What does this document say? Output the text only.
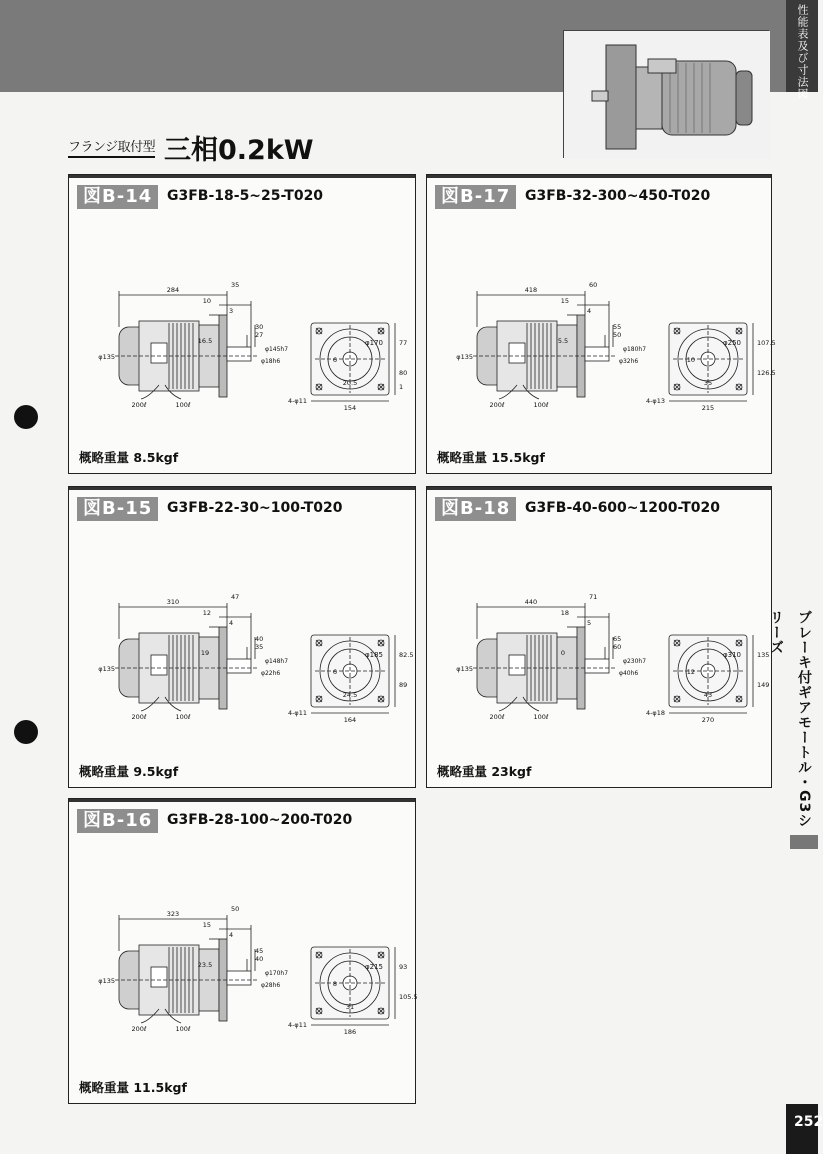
性能表及び寸法図
フランジ取付型 三相0.2kW
図B-14	G3FB-18-5~25-T020
概略重量 8.5kgf
284
35
10
3
30
27
16.5
φ145h7
φ18h6
φ135
200ℓ	100ℓ
φ170
6
77
80
1
20.5
4-φ11
154
図B-17	G3FB-32-300~450-T020
概略重量 15.5kgf
418
60
15
4
55
50
5.5
φ180h7
φ32h6
φ135
200ℓ	100ℓ
φ250
10
107.5
126.5
35
4-φ13
215
図B-15	G3FB-22-30~100-T020
概略重量 9.5kgf
310
47
12
4
40
35
19
φ148h7
φ22h6
φ135
200ℓ	100ℓ
φ185
6
82.5
89
24.5
4-φ11
164
図B-18	G3FB-40-600~1200-T020
概略重量 23kgf
440
71
18
5
65
60
0
φ230h7
φ40h6
φ135
200ℓ	100ℓ
φ310
12
135
149
43
4-φ18
270
図B-16	G3FB-28-100~200-T020
概略重量 11.5kgf
323
50
15
4
45
40
23.5
φ170h7
φ28h6
φ135
200ℓ	100ℓ
φ215
8
93
105.5
31
4-φ11
186
ブレーキ付ギアモートル・G3シリーズ
252
